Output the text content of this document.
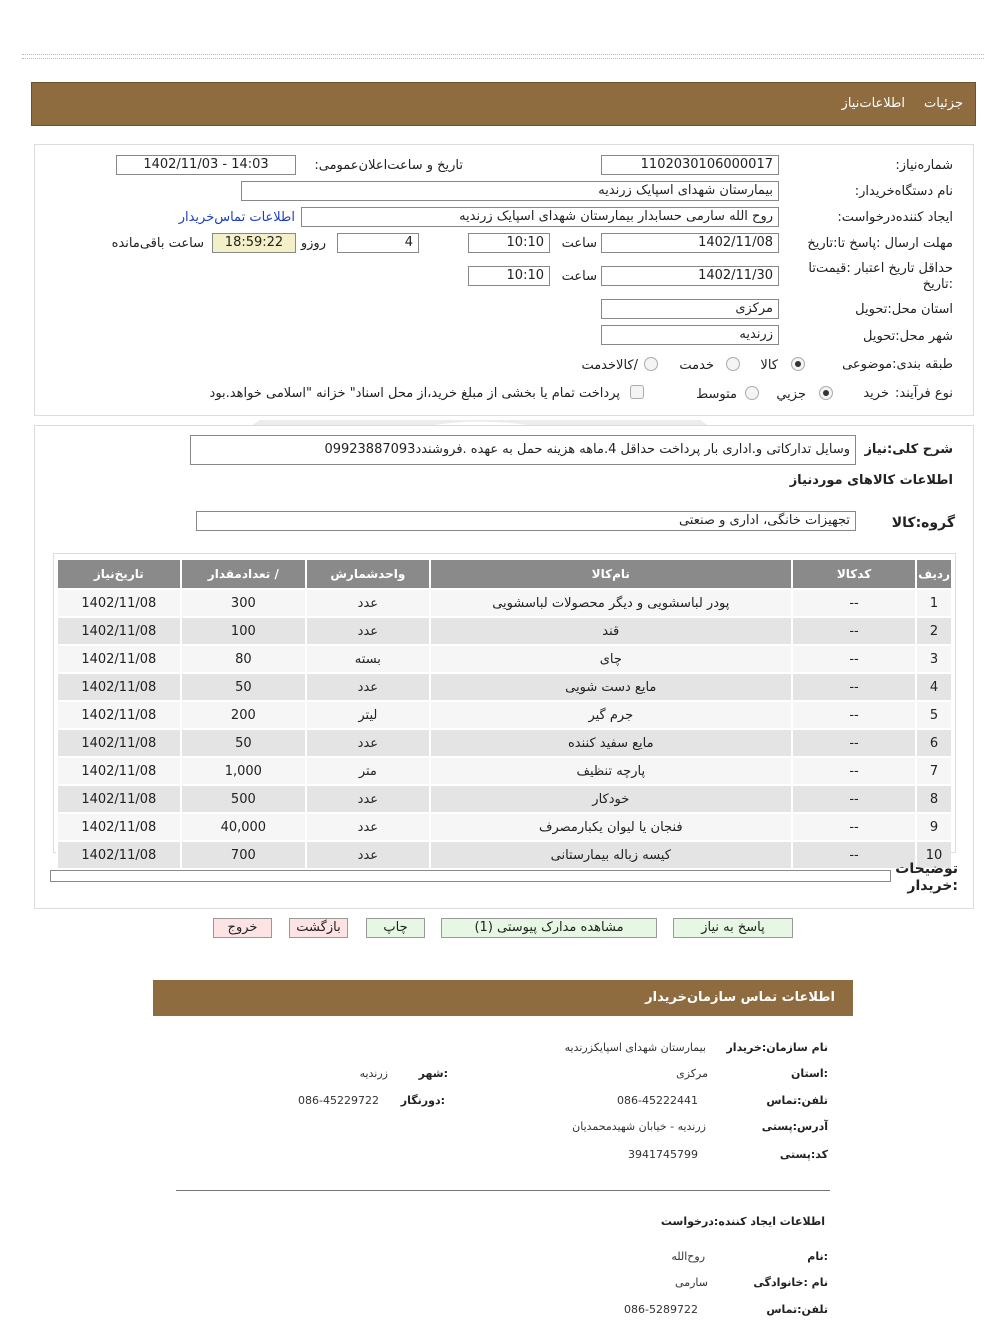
جزئیات
اطلاعات‌نیاز
شماره‌نیاز:
1102030106000017
تاریخ و ساعت‌اعلان‌عمومی:
1402/11/03 - 14:03
نام دستگاه‌خریدار:
بیمارستان شهدای اسپایک زرندیه
ایجاد کننده‌درخواست:
روح الله سارمی حسابدار بیمارستان شهدای اسپایک زرندیه
اطلاعات تماس‌خریدار
مهلت ارسال :پاسخ تا:تاریخ
1402/11/08
ساعت
10:10
4
روزو
18:59:22
ساعت باقی‌مانده
حداقل تاریخ اعتبار :قیمت‌تا :تاریخ
1402/11/30
ساعت
10:10
استان محل:تحویل
مرکزی
شهر محل:تحویل
زرندیه
طبقه بندی:موضوعی
کالا
خدمت
/کالاخدمت
نوع فرآیند:
خرید
جزیي
متوسط
پرداخت تمام یا بخشی از مبلغ خرید،از محل اسناد" خزانه "اسلامی خواهد.بود
شرح کلی:نیاز
وسایل تدارکاتی و.اداری بار پرداخت حداقل 4.ماهه هزینه حمل به عهده .فروشندد09923887093
اطلاعات کالاهای موردنیاز
گروه:کالا
تجهیزات خانگی، اداری و صنعتی
ردیف	کدکالا	نام‌کالا	واحدشمارش	/ تعدادمقدار	تاریخ‌نیاز
1	--	پودر لباسشویی و دیگر محصولات لباسشویی	عدد	300	1402/11/08
2	--	قند	عدد	100	1402/11/08
3	--	چای	بسته	80	1402/11/08
4	--	مایع دست شویی	عدد	50	1402/11/08
5	--	جرم گیر	لیتر	200	1402/11/08
6	--	مایع سفید کننده	عدد	50	1402/11/08
7	--	پارچه تنظیف	متر	1,000	1402/11/08
8	--	خودکار	عدد	500	1402/11/08
9	--	فنجان یا لیوان یکبارمصرف	عدد	40,000	1402/11/08
10	--	کیسه زباله بیمارستانی	عدد	700	1402/11/08
توضیحات :خریدار
پاسخ به نیاز
مشاهده مدارک پیوستی (1)
چاپ
بازگشت
خروج
اطلاعات تماس سازمان‌خریدار
نام سازمان:خریدار
بیمارستان شهدای اسپایکزرندیه
:استان
مرکزی
:شهر
زرندیه
تلفن:تماس
086-45222441
:دورنگار
086-45229722
آدرس:پستی
زرندیه - خیابان شهیدمحمدیان
کد:پستی
3941745799
اطلاعات ایجاد کننده:درخواست
:نام
روح‌الله
نام :خانوادگی
سارمی
تلفن:تماس
086-5289722
